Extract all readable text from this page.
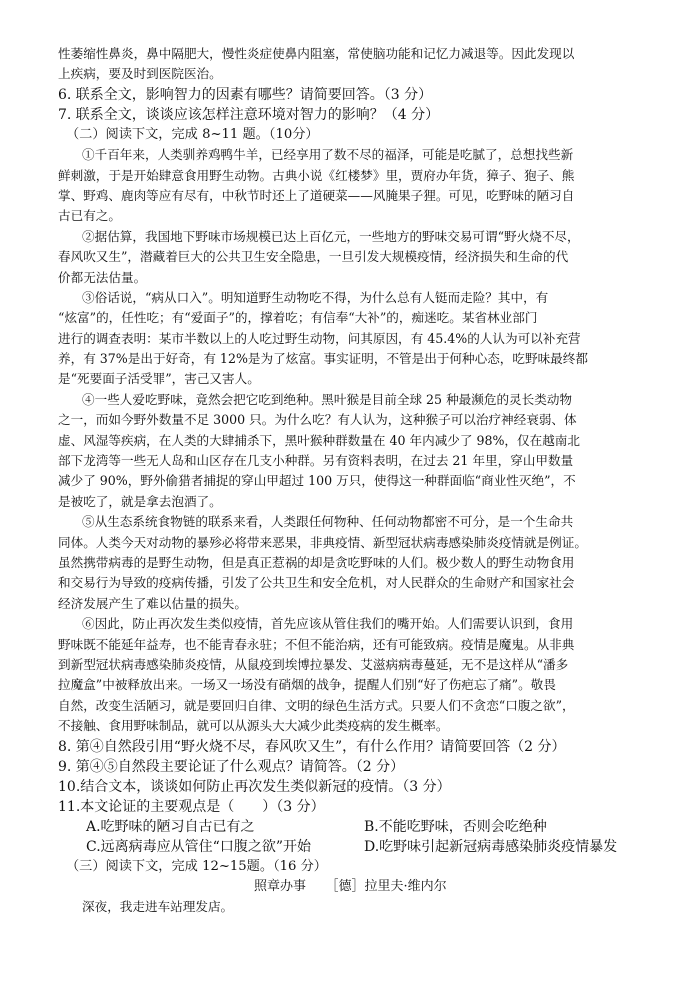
性萎缩性鼻炎，鼻中隔肥大，慢性炎症使鼻内阻塞，常使脑功能和记忆力减退等。因此发现以
上疾病，要及时到医院医治。
6. 联系全文，影响智力的因素有哪些？请简要回答。（3 分）
7. 联系全文，谈谈应该怎样注意环境对智力的影响？（4 分）
（二）阅读下文，完成 8~11 题。（10分）
①千百年来，人类驯养鸡鸭牛羊，已经享用了数不尽的福泽，可能是吃腻了，总想找些新
鲜刺激，于是开始肆意食用野生动物。古典小说《红楼梦》里，贾府办年货，獐子、狍子、熊
掌、野鸡、鹿肉等应有尽有，中秋节时还上了道硬菜——风腌果子狸。可见，吃野味的陋习自
古已有之。
②据估算，我国地下野味市场规模已达上百亿元，一些地方的野味交易可谓“野火烧不尽，
春风吹又生”，潜藏着巨大的公共卫生安全隐患，一旦引发大规模疫情，经济损失和生命的代
价都无法估量。
③俗话说，“病从口入”。明知道野生动物吃不得，为什么总有人铤而走险？其中，有
“炫富”的，任性吃；有“爱面子”的，撑着吃；有信奉“大补”的，痴迷吃。某省林业部门
进行的调查表明：某市半数以上的人吃过野生动物，问其原因，有 45.4%的人认为可以补充营
养，有 37%是出于好奇，有 12%是为了炫富。事实证明，不管是出于何种心态，吃野味最终都
是“死要面子活受罪”，害己又害人。
④一些人爱吃野味，竟然会把它吃到绝种。黑叶猴是目前全球 25 种最濒危的灵长类动物
之一，而如今野外数量不足 3000 只。为什么吃？有人认为，这种猴子可以治疗神经衰弱、体
虚、风湿等疾病，在人类的大肆捕杀下，黑叶猴种群数量在 40 年内减少了 98%，仅在越南北
部下龙湾等一些无人岛和山区存在几支小种群。另有资料表明，在过去 21 年里，穿山甲数量
减少了 90%，野外偷猎者捕捉的穿山甲超过 100 万只，使得这一种群面临“商业性灭绝”，不
是被吃了，就是拿去泡酒了。
⑤从生态系统食物链的联系来看，人类跟任何物种、任何动物都密不可分，是一个生命共
同体。人类今天对动物的暴殄必将带来恶果，非典疫情、新型冠状病毒感染肺炎疫情就是例证。
虽然携带病毒的是野生动物，但是真正惹祸的却是贪吃野味的人们。极少数人的野生动物食用
和交易行为导致的疫病传播，引发了公共卫生和安全危机，对人民群众的生命财产和国家社会
经济发展产生了难以估量的损失。
⑥因此，防止再次发生类似疫情，首先应该从管住我们的嘴开始。人们需要认识到，食用
野味既不能延年益寿，也不能青春永驻；不但不能治病，还有可能致病。疫情是魔鬼。从非典
到新型冠状病毒感染肺炎疫情，从鼠疫到埃博拉暴发、艾滋病病毒蔓延，无不是这样从“潘多
拉魔盒”中被释放出来。一场又一场没有硝烟的战争，提醒人们别“好了伤疤忘了痛”。敬畏
自然，改变生活陋习，就是要回归自律、文明的绿色生活方式。只要人们不贪恋“口腹之欲”，
不接触、食用野味制品，就可以从源头大大减少此类疫病的发生概率。
8. 第④自然段引用“野火烧不尽，春风吹又生”，有什么作用？请简要回答（2 分）
9. 第④⑤自然段主要论证了什么观点？请简答。（2 分）
10.结合文本，谈谈如何防止再次发生类似新冠的疫情。（3 分）
11.本文论证的主要观点是（　　）（3 分）
A.吃野味的陋习自古已有之	B.不能吃野味，否则会吃绝种
C.远离病毒应从管住“口腹之欲”开始	D.吃野味引起新冠病毒感染肺炎疫情暴发
（三）阅读下文，完成 12~15题。（16 分）
照章办事　　［德］拉里夫·维内尔
深夜，我走进车站理发店。
